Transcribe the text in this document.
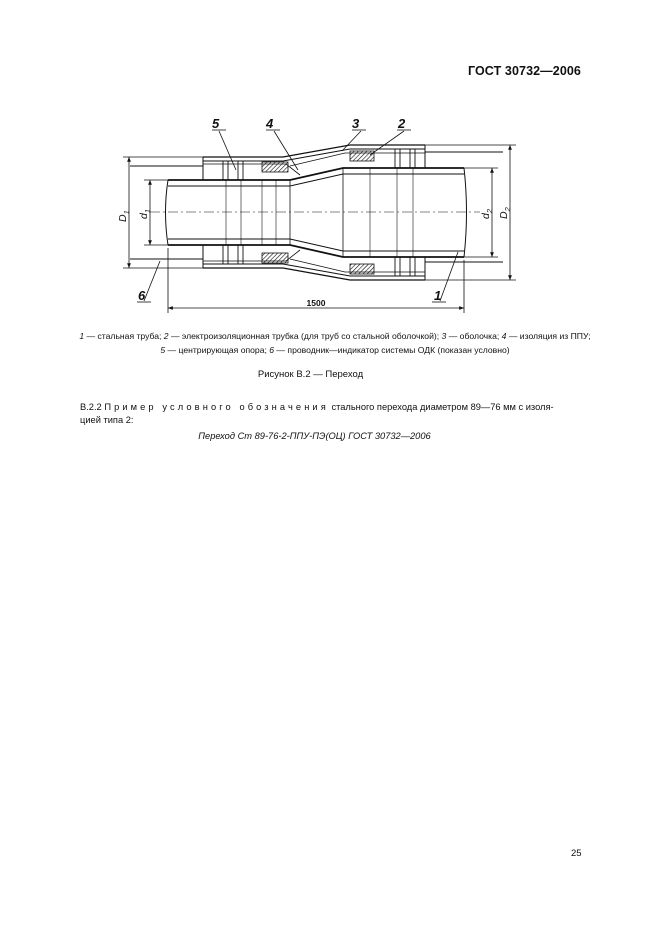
ГОСТ 30732—2006
5	4	3	2
6	1
$D_1$
$d_1$
$d_2$
$D_2$
1500
1 — стальная труба; 2 — электроизоляционная трубка (для труб со стальной оболочкой); 3 — оболочка; 4 — изоляция из ППУ;
5 — центрирующая опора; 6 — проводник—индикатор системы ОДК (показан условно)
Рисунок В.2 — Переход
В.2.2 Пример условного обозначения стального перехода диаметром 89—76 мм с изоля-
цией типа 2:
Переход Ст 89-76-2-ППУ-ПЭ(ОЦ) ГОСТ 30732—2006
25
